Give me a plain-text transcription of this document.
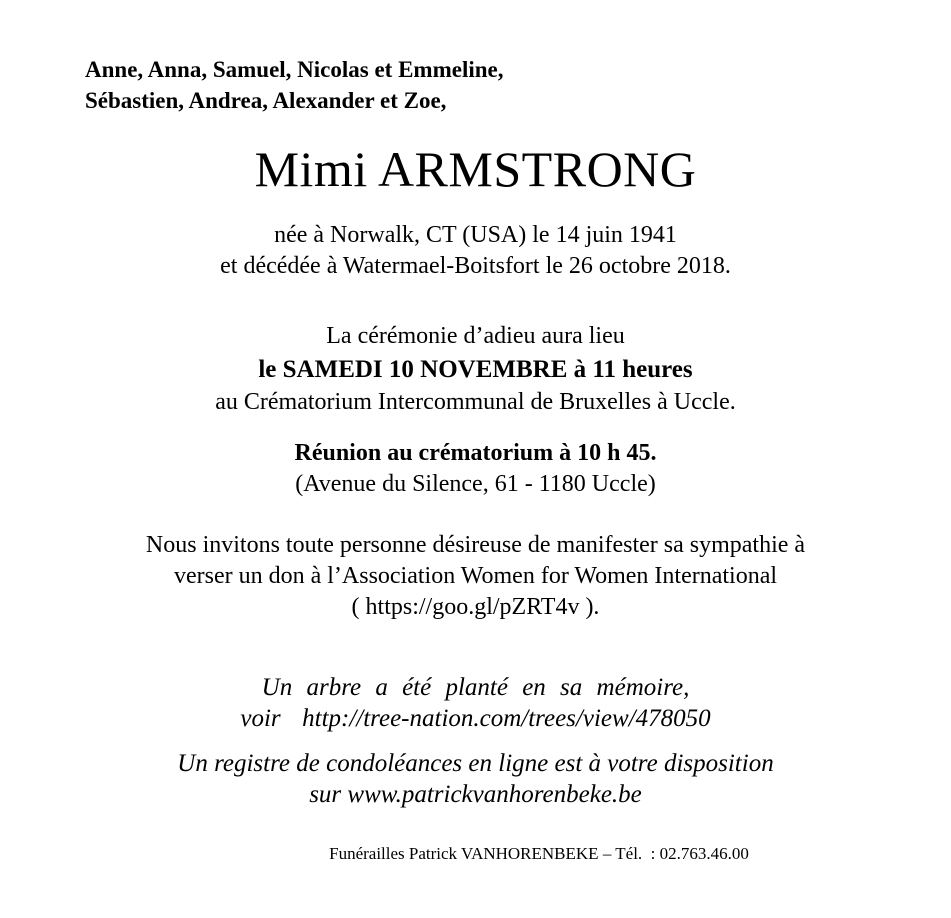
Anne, Anna, Samuel, Nicolas et Emmeline,
Sébastien, Andrea, Alexander et Zoe,
Mimi ARMSTRONG
née à Norwalk, CT (USA) le 14 juin 1941
et décédée à Watermael-Boitsfort le 26 octobre 2018.
La cérémonie d’adieu aura lieu
le SAMEDI 10 NOVEMBRE à 11 heures
au Crématorium Intercommunal de Bruxelles à Uccle.
Réunion au crématorium à 10 h 45.
(Avenue du Silence, 61 - 1180 Uccle)
Nous invitons toute personne désireuse de manifester sa sympathie à
verser un don à l’Association Women for Women International
( https://goo.gl/pZRT4v ).
Un arbre a été planté en sa mémoire,
voir  http://tree-nation.com/trees/view/478050
Un registre de condoléances en ligne est à votre disposition
sur www.patrickvanhorenbeke.be
Funérailles Patrick VANHORENBEKE – Tél.  : 02.763.46.00
